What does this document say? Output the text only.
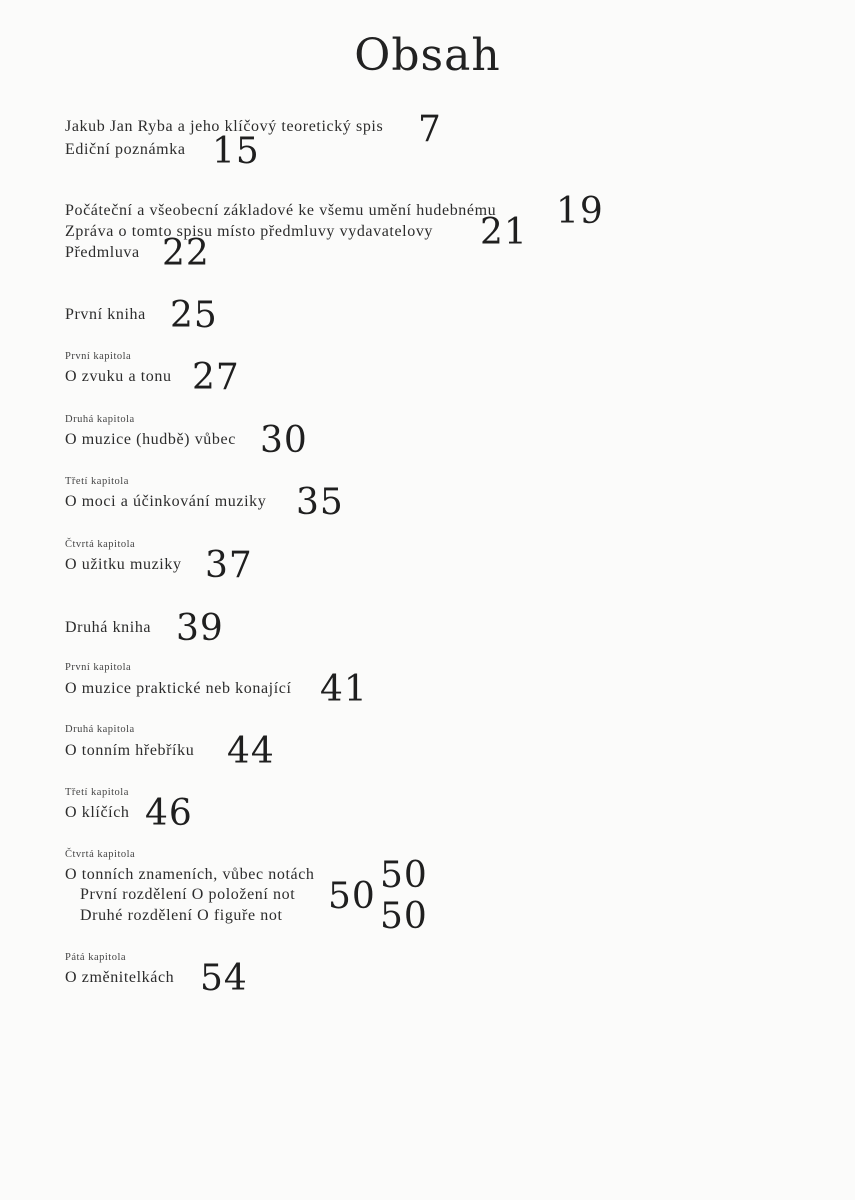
Obsah
Jakub Jan Ryba a jeho klíčový teoretický spis 7
Ediční poznámka 15
Počáteční a všeobecní základové ke všemu umění hudebnému 19
Zpráva o tomto spisu místo předmluvy vydavatelovy 21
Předmluva 22
První kniha 25
První kapitola
O zvuku a tonu 27
Druhá kapitola
O muzice (hudbě) vůbec 30
Třetí kapitola
O moci a účinkování muziky 35
Čtvrtá kapitola
O užitku muziky 37
Druhá kniha 39
První kapitola
O muzice praktické neb konající 41
Druhá kapitola
O tonním hřebříku 44
Třetí kapitola
O klíčích 46
Čtvrtá kapitola
O tonních znameních, vůbec notách 50
První rozdělení O položení not 50
Druhé rozdělení O figuře not	50
Pátá kapitola
O změnitelkách 54
